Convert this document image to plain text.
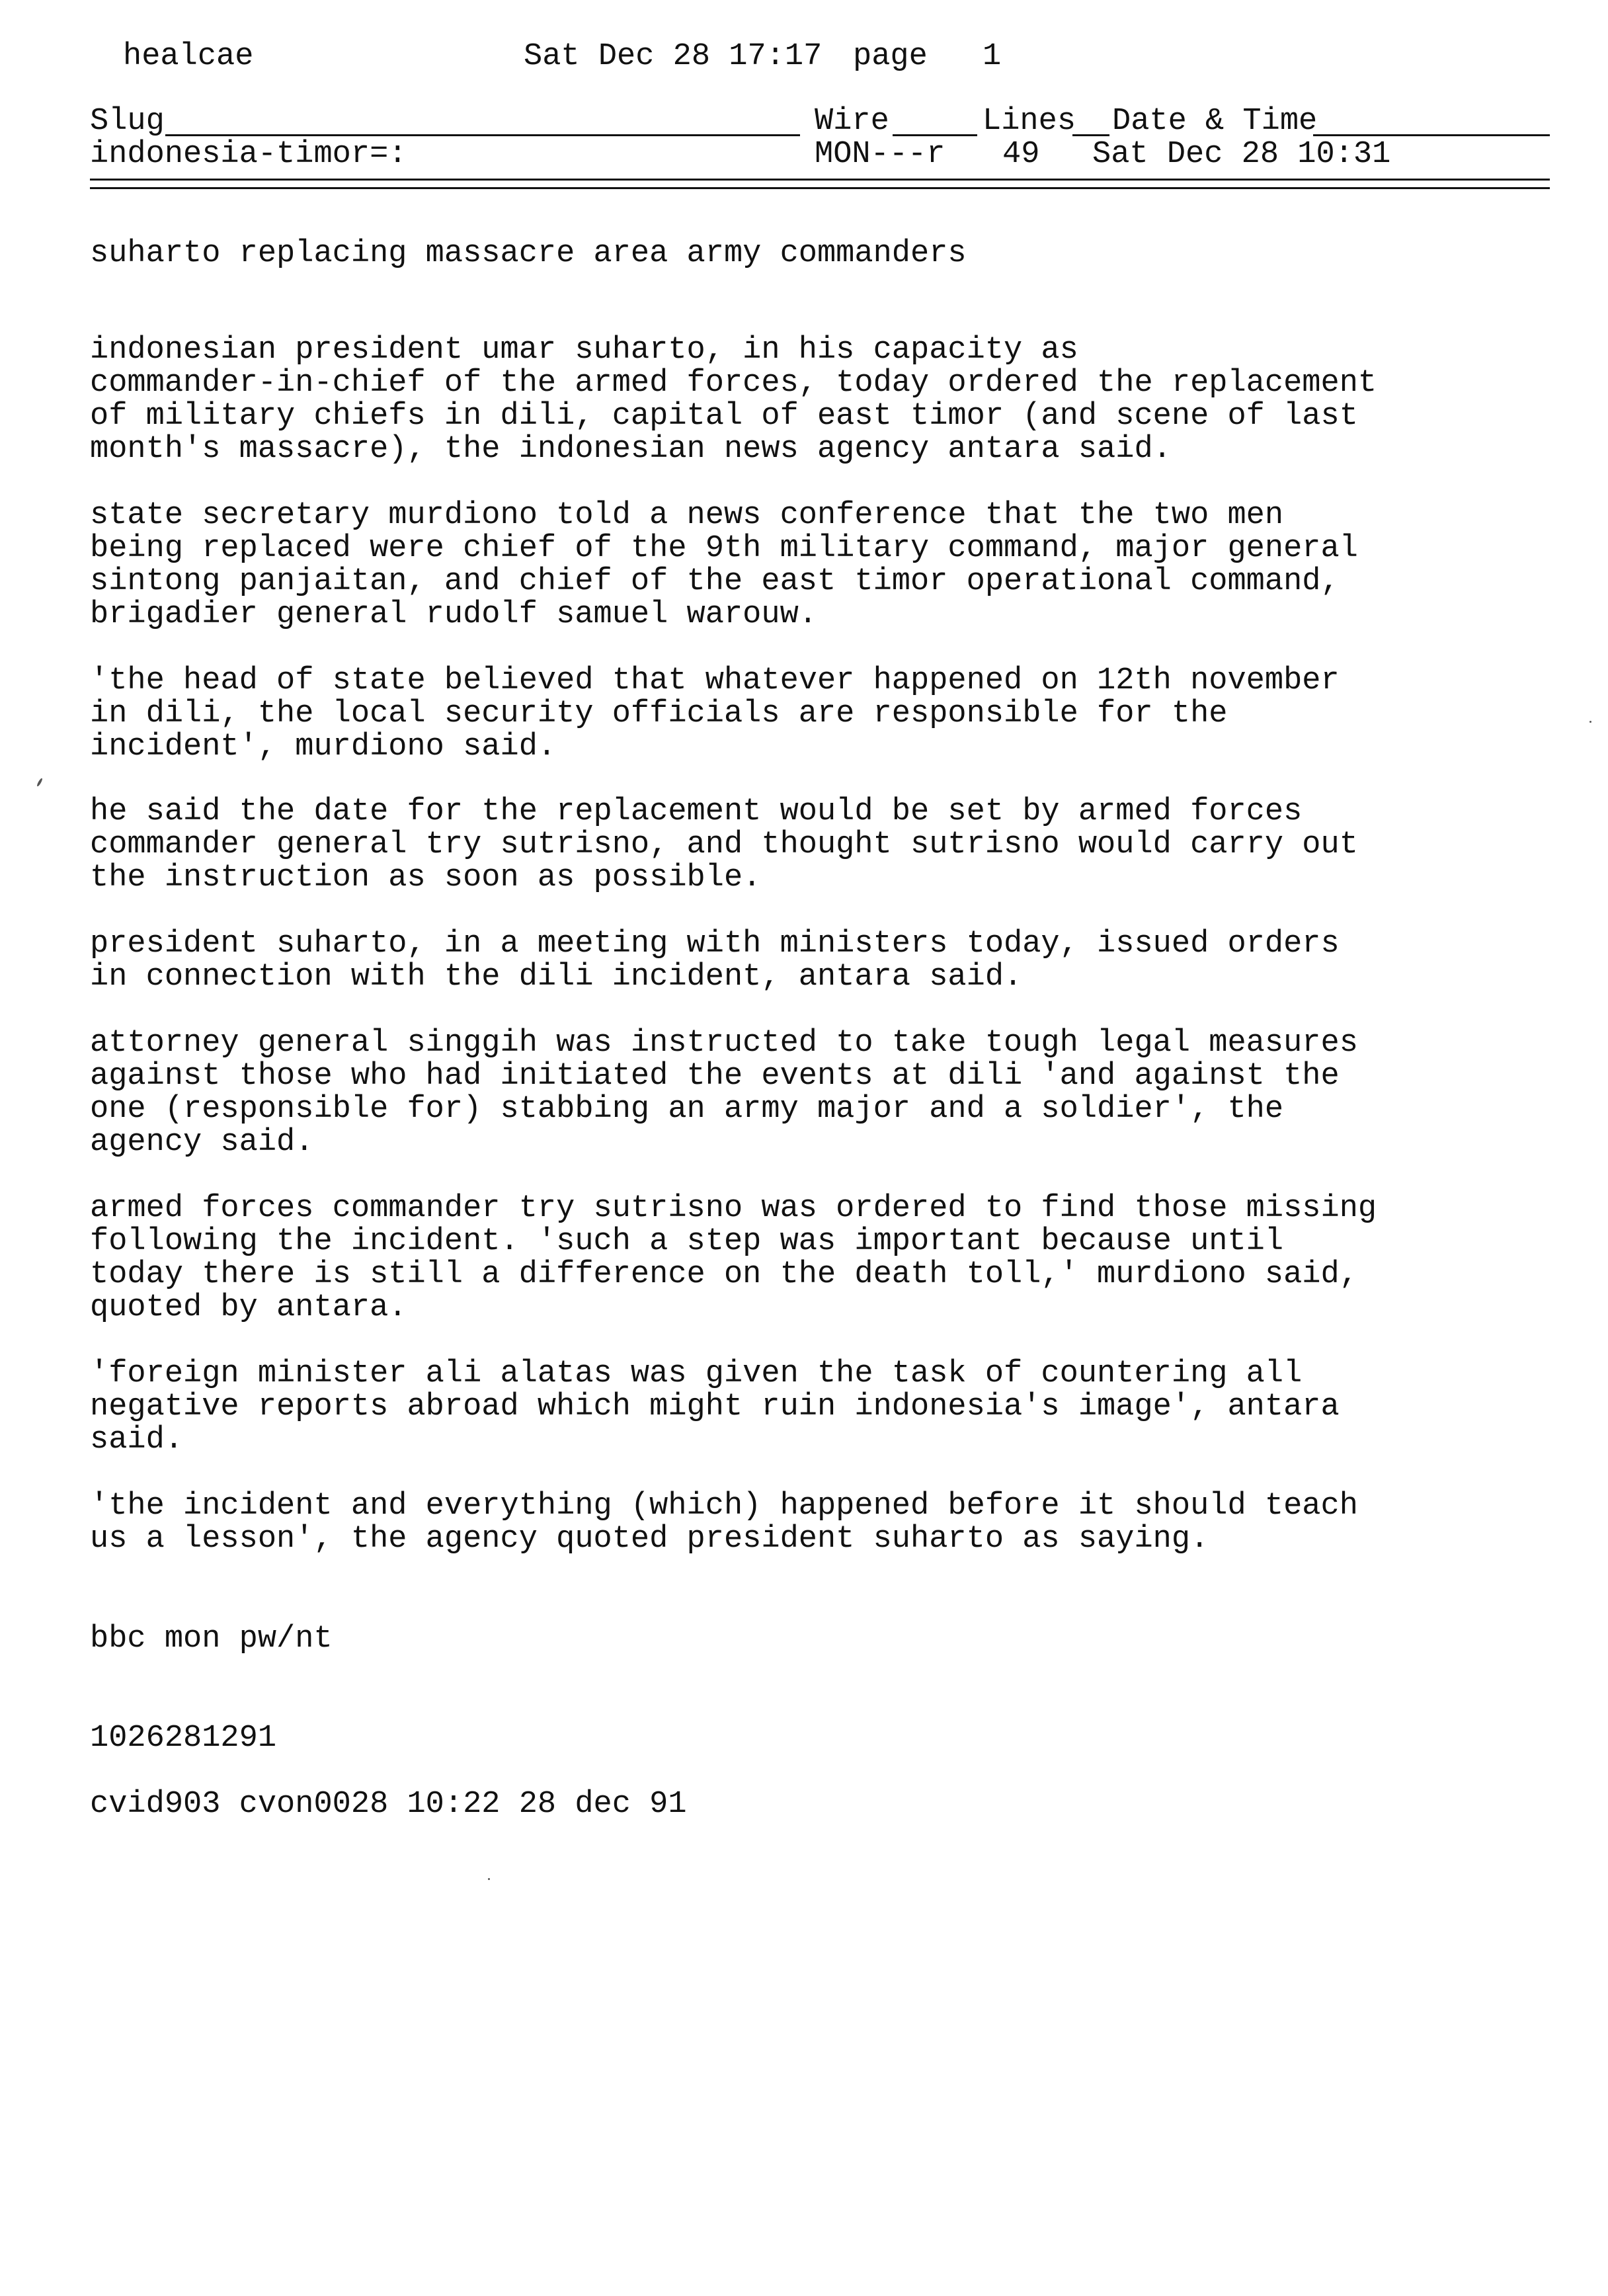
healcae	Sat Dec 28 17:17 page 1
Slug	Wire	Lines Date & Time
indonesia-timor=:	MON---r 49 Sat Dec 28 10:31
suharto replacing massacre area army commanders

indonesian president umar suharto, in his capacity as
commander-in-chief of the armed forces, today ordered the replacement
of military chiefs in dili, capital of east timor (and scene of last
month's massacre), the indonesian news agency antara said.

state secretary murdiono told a news conference that the two men
being replaced were chief of the 9th military command, major general
sintong panjaitan, and chief of the east timor operational command,
brigadier general rudolf samuel warouw.

'the head of state believed that whatever happened on 12th november
in dili, the local security officials are responsible for the
incident', murdiono said.

he said the date for the replacement would be set by armed forces
commander general try sutrisno, and thought sutrisno would carry out
the instruction as soon as possible.

president suharto, in a meeting with ministers today, issued orders
in connection with the dili incident, antara said.

attorney general singgih was instructed to take tough legal measures
against those who had initiated the events at dili 'and against the
one (responsible for) stabbing an army major and a soldier', the
agency said.

armed forces commander try sutrisno was ordered to find those missing
following the incident. 'such a step was important because until
today there is still a difference on the death toll,' murdiono said,
quoted by antara.

'foreign minister ali alatas was given the task of countering all
negative reports abroad which might ruin indonesia's image', antara
said.

'the incident and everything (which) happened before it should teach
us a lesson', the agency quoted president suharto as saying.

bbc mon pw/nt
1026281291
cvid903 cvon0028 10:22 28 dec 91
